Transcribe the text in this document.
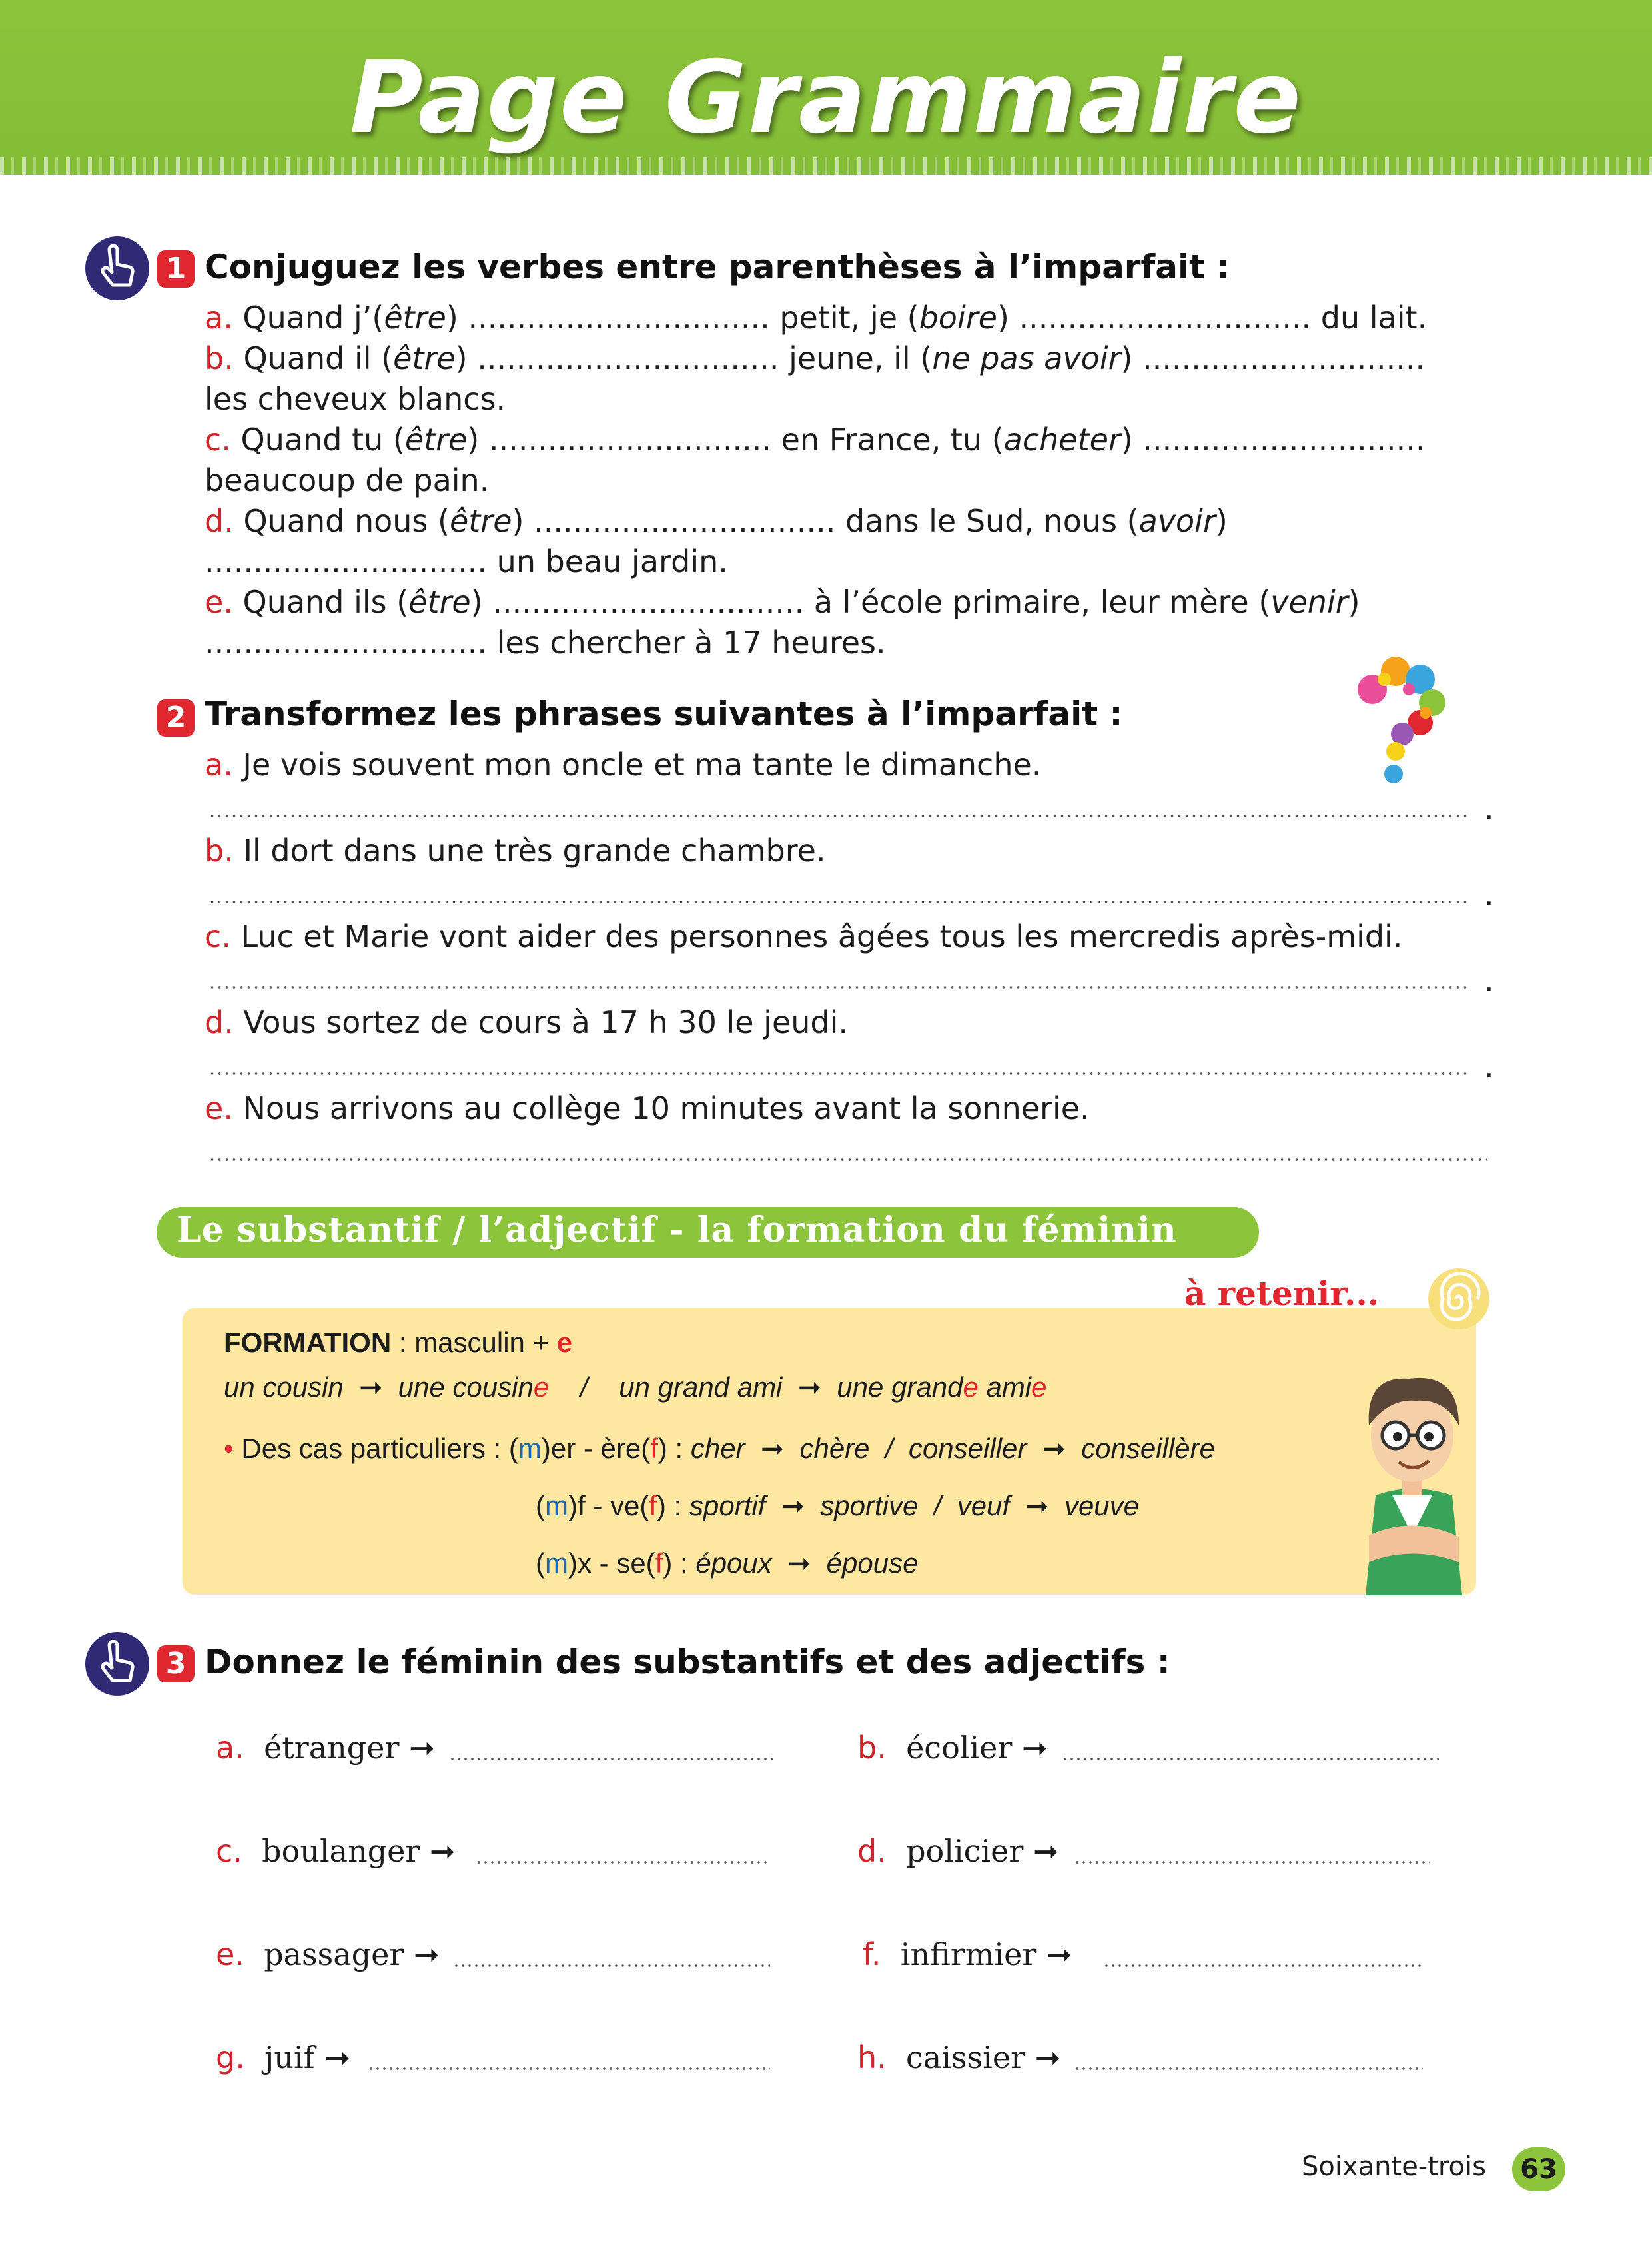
Page Grammaire
1 Conjuguez les verbes entre parenthèses à l’imparfait :
a. Quand j’(être) ............................... petit, je (boire) .............................. du lait.
b. Quand il (être) ............................... jeune, il (ne pas avoir) .............................
les cheveux blancs.
c. Quand tu (être) ............................. en France, tu (acheter) .............................
beaucoup de pain.
d. Quand nous (être) ............................... dans le Sud, nous (avoir)
............................. un beau jardin.
e. Quand ils (être) ................................ à l’école primaire, leur mère (venir)
............................. les chercher à 17 heures.
2 Transformez les phrases suivantes à l’imparfait :
a. Je vois souvent mon oncle et ma tante le dimanche.
.
b. Il dort dans une très grande chambre.
.
c. Luc et Marie vont aider des personnes âgées tous les mercredis après-midi.
.
d. Vous sortez de cours à 17 h 30 le jeudi.
.
e. Nous arrivons au collège 10 minutes avant la sonnerie.
Le substantif / l’adjectif - la formation du féminin
à retenir...
FORMATION : masculin + e
un cousin  ➞  une cousine / un grand ami  ➞  une grande amie
• Des cas particuliers : (m)er - ère(f) : cher  ➞  chère / conseiller  ➞  conseillère
(m)f - ve(f) : sportif  ➞  sportive / veuf  ➞  veuve
(m)x - se(f) : époux  ➞  épouse
3 Donnez le féminin des substantifs et des adjectifs :
a. étranger ➞	b. écolier ➞
c. boulanger ➞	d. policier ➞
e. passager ➞	f. infirmier ➞
g. juif ➞	h. caissier ➞
Soixante-trois	63
